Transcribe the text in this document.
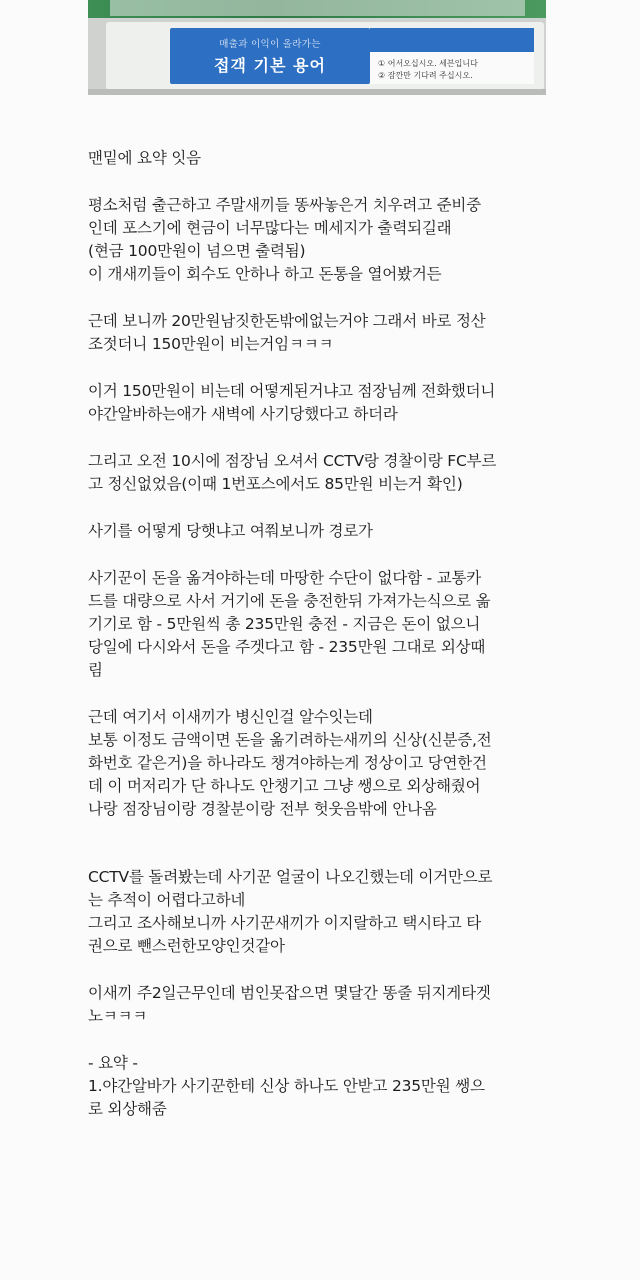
매출과 이익이 올라가는
접객 기본 용어	① 어서오십시오. 세븐입니다
② 잠깐만 기다려 주십시오.
맨밑에 요약 잇음
평소처럼 출근하고 주말새끼들 똥싸놓은거 치우려고 준비중
인데 포스기에 현금이 너무많다는 메세지가 출력되길래
(현금 100만원이 넘으면 출력됨)
이 개새끼들이 회수도 안하나 하고 돈통을 열어봤거든
근데 보니까 20만원남짓한돈밖에없는거야 그래서 바로 정산
조젓더니 150만원이 비는거임ㅋㅋㅋ
이거 150만원이 비는데 어떻게된거냐고 점장님께 전화했더니
야간알바하는애가 새벽에 사기당했다고 하더라
그리고 오전 10시에 점장님 오셔서 CCTV랑 경찰이랑 FC부르
고 정신없었음(이때 1번포스에서도 85만원 비는거 확인)
사기를 어떻게 당햇냐고 여쭤보니까 경로가
사기꾼이 돈을 옮겨야하는데 마땅한 수단이 없다함 - 교통카
드를 대량으로 사서 거기에 돈을 충전한뒤 가져가는식으로 옮
기기로 함 - 5만원씩 총 235만원 충전 - 지금은 돈이 없으니
당일에 다시와서 돈을 주겟다고 함 - 235만원 그대로 외상때
림
근데 여기서 이새끼가 병신인걸 알수잇는데
보통 이정도 금액이면 돈을 옮기려하는새끼의 신상(신분증,전
화번호 같은거)을 하나라도 챙겨야하는게 정상이고 당연한건
데 이 머저리가 단 하나도 안챙기고 그냥 쌩으로 외상해줬어
나랑 점장님이랑 경찰분이랑 전부 헛웃음밖에 안나옴
CCTV를 돌려봤는데 사기꾼 얼굴이 나오긴했는데 이거만으로
는 추적이 어렵다고하네
그리고 조사해보니까 사기꾼새끼가 이지랄하고 택시타고 타
권으로 뺀스런한모양인것같아
이새끼 주2일근무인데 범인못잡으면 몇달간 똥줄 뒤지게타겟
노ㅋㅋㅋ
- 요약 -
1.야간알바가 사기꾼한테 신상 하나도 안받고 235만원 쌩으
로 외상해줌
